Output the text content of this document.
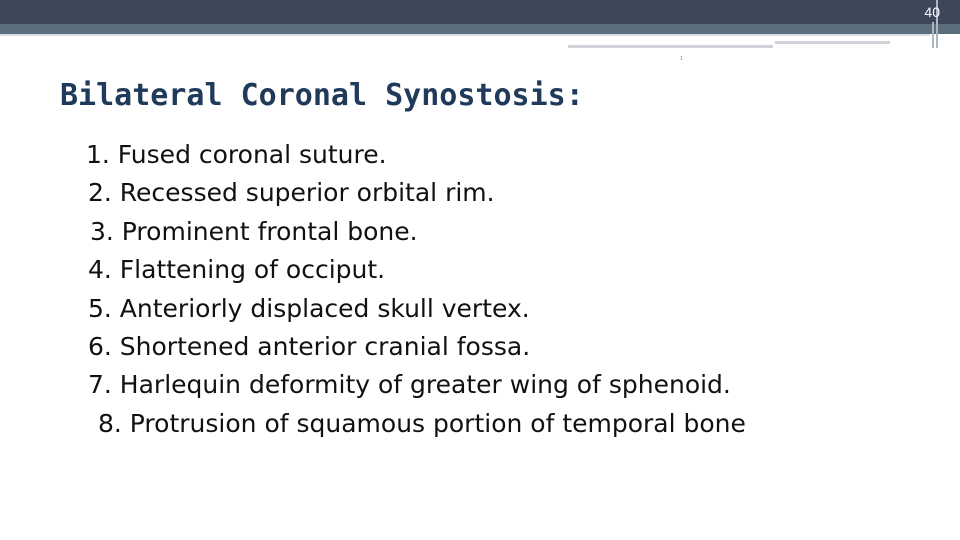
40
1
Bilateral Coronal Synostosis:
1. Fused coronal suture.
2. Recessed superior orbital rim.
3. Prominent frontal bone.
4. Flattening of occiput.
5. Anteriorly displaced skull vertex.
6. Shortened anterior cranial fossa.
7. Harlequin deformity of greater wing of sphenoid.
8. Protrusion of squamous portion of temporal bone
